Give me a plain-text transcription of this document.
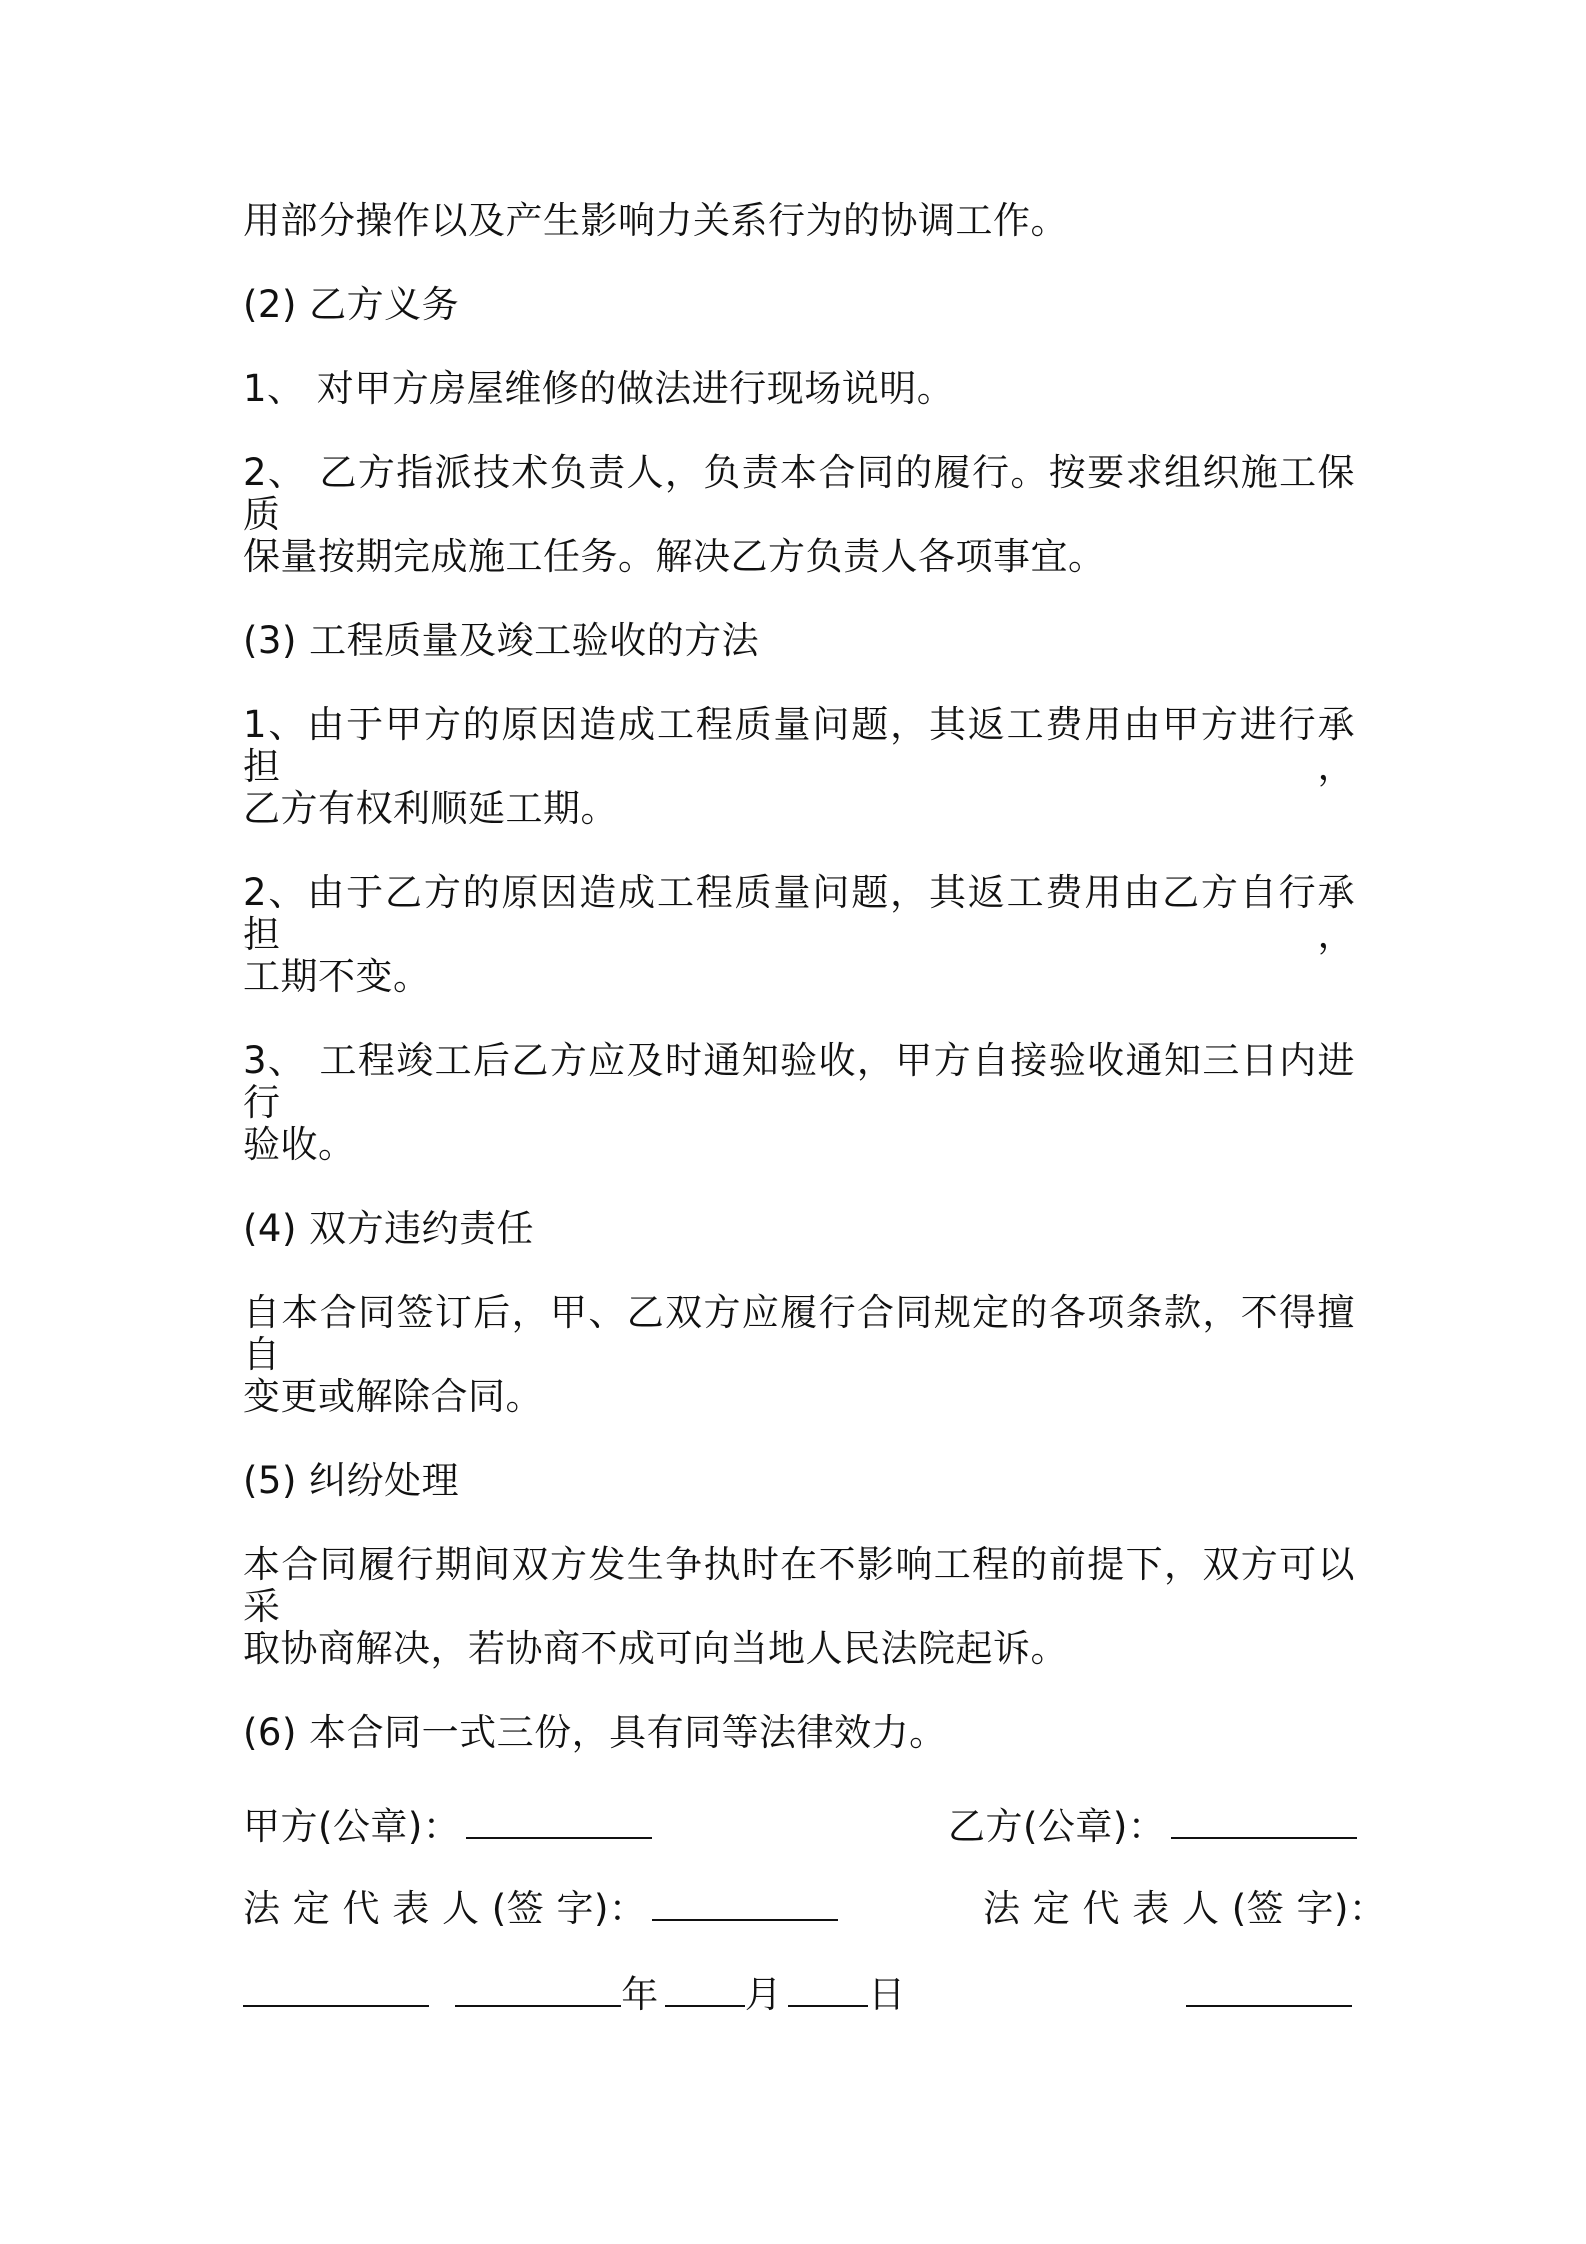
用部分操作以及产生影响力关系行为的协调工作。
(2) 乙方义务
1、 对甲方房屋维修的做法进行现场说明。
2、 乙方指派技术负责人，负责本合同的履行。按要求组织施工保质
保量按期完成施工任务。解决乙方负责人各项事宜。
(3) 工程质量及竣工验收的方法
1、由于甲方的原因造成工程质量问题，其返工费用由甲方进行承担，
乙方有权利顺延工期。
2、由于乙方的原因造成工程质量问题，其返工费用由乙方自行承担，
工期不变。
3、 工程竣工后乙方应及时通知验收，甲方自接验收通知三日内进行
验收。
(4) 双方违约责任
自本合同签订后，甲、乙双方应履行合同规定的各项条款，不得擅自
变更或解除合同。
(5) 纠纷处理
本合同履行期间双方发生争执时在不影响工程的前提下，双方可以采
取协商解决，若协商不成可向当地人民法院起诉。
(6) 本合同一式三份，具有同等法律效力。
甲方(公章)：	乙方(公章)：
法 定 代 表 人 (签 字)：	法 定 代 表 人 (签 字)：
年 月 日
